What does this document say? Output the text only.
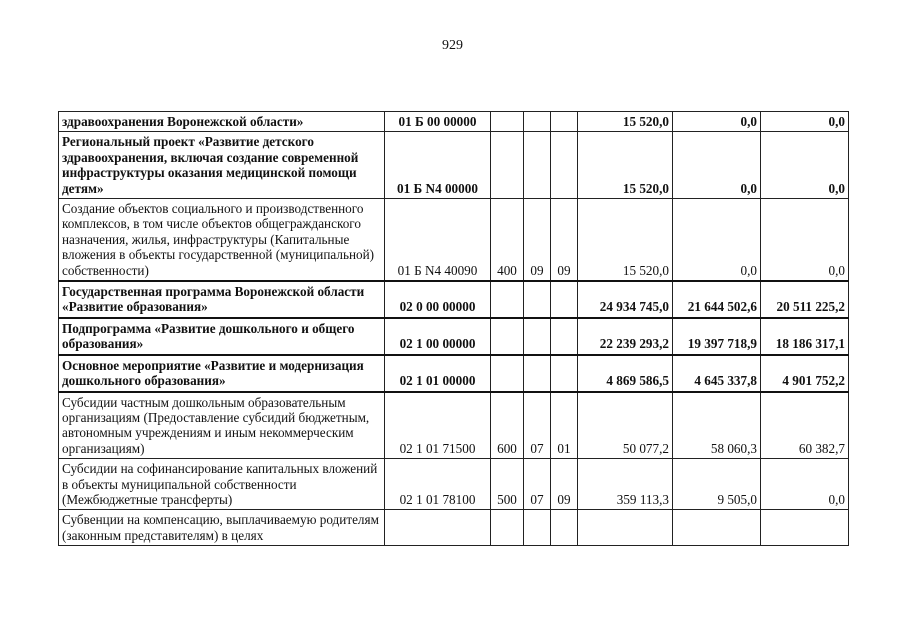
929
здравоохранения Воронежской области»	01 Б 00 00000				15 520,0	0,0	0,0
Региональный проект «Развитие детского здравоохранения, включая создание современной инфраструктуры оказания медицинской помощи детям»	01 Б N4 00000				15 520,0	0,0	0,0
Создание объектов социального и производственного комплексов, в том числе объектов общегражданского назначения, жилья, инфраструктуры (Капитальные вложения в объекты государственной (муниципальной) собственности)	01 Б N4 40090	400	09	09	15 520,0	0,0	0,0
Государственная программа Воронежской области «Развитие образования»	02 0 00 00000				24 934 745,0	21 644 502,6	20 511 225,2
Подпрограмма «Развитие дошкольного и общего образования»	02 1 00 00000				22 239 293,2	19 397 718,9	18 186 317,1
Основное мероприятие «Развитие и модернизация дошкольного образования»	02 1 01 00000				4 869 586,5	4 645 337,8	4 901 752,2
Субсидии частным дошкольным образовательным организациям (Предоставление субсидий бюджетным, автономным учреждениям и иным некоммерческим организациям)	02 1 01 71500	600	07	01	50 077,2	58 060,3	60 382,7
Субсидии на софинансирование капитальных вложений в объекты муниципальной собственности (Межбюджетные трансферты)	02 1 01 78100	500	07	09	359 113,3	9 505,0	0,0
Субвенции на компенсацию, выплачиваемую родителям (законным представителям) в целях							
